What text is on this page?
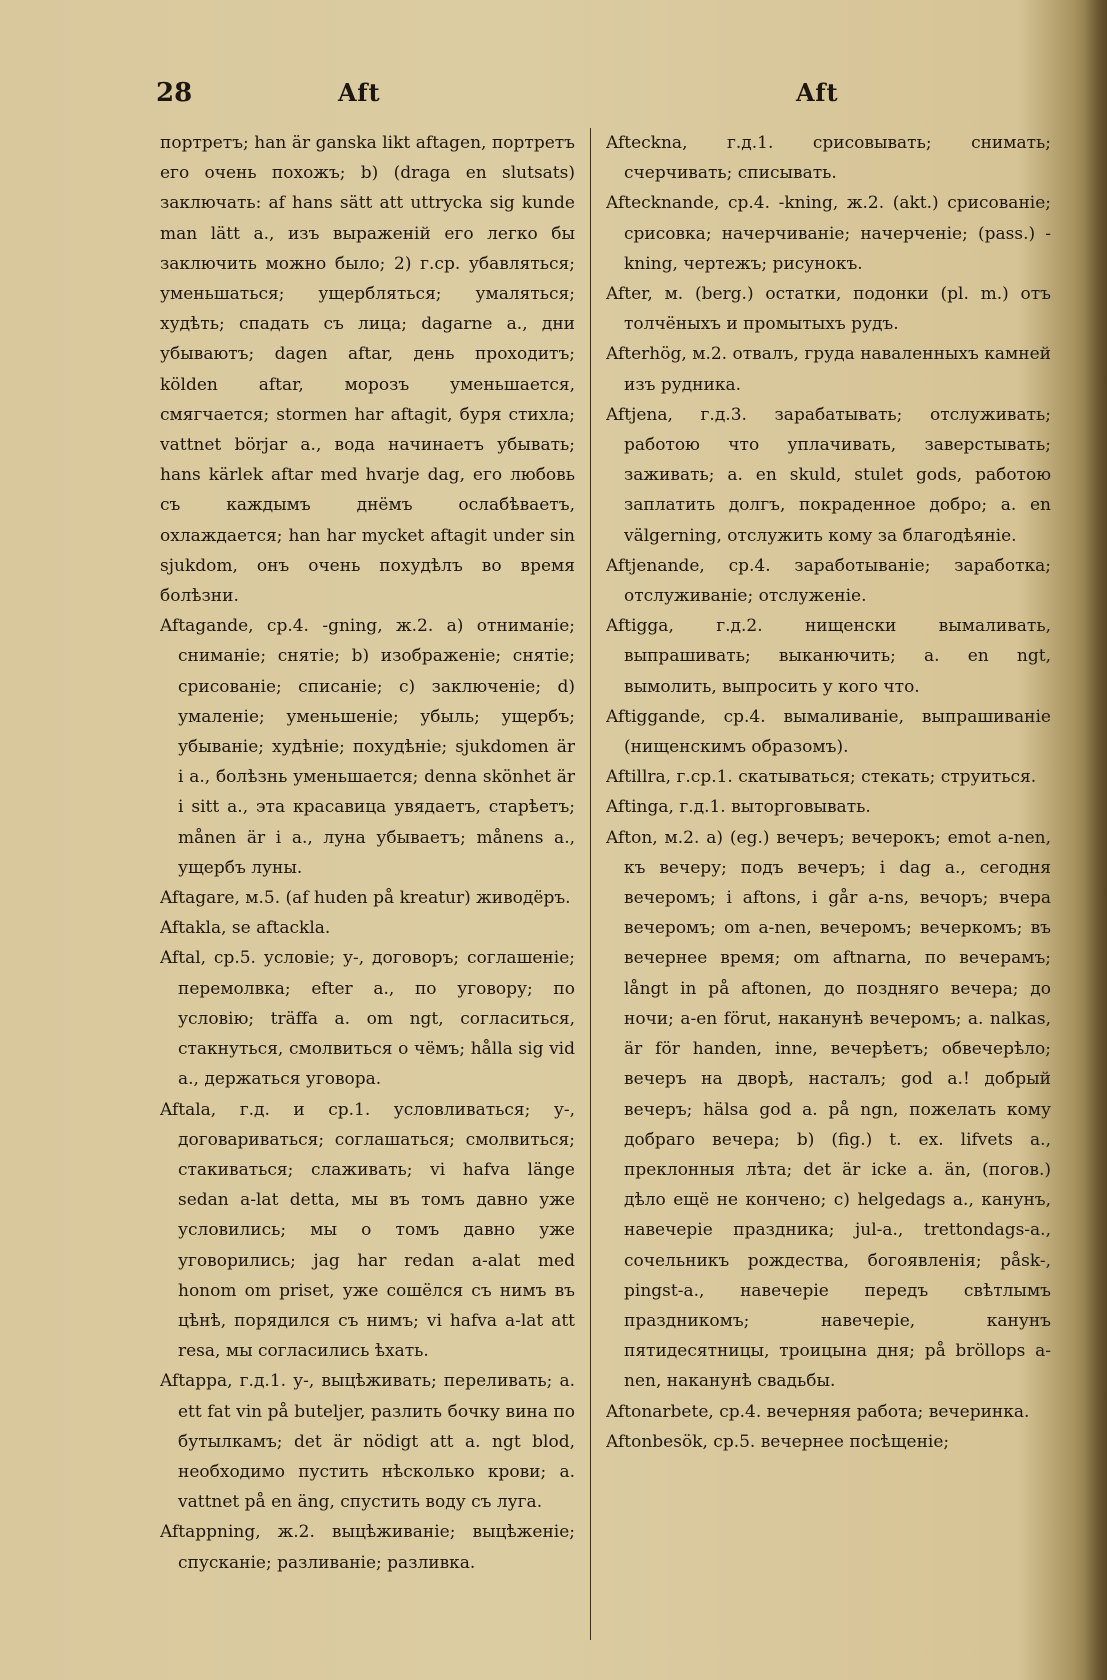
28	Aft	Aft

портретъ; han är ganska likt aftagen, портретъ его очень похожъ; b) (draga en slutsats) заключать: af hans sätt att uttrycka sig kunde man lätt a., изъ выраженій его легко бы заключить можно было; 2) г.ср. убавляться; уменьшаться; ущербляться; умаляться; худѣть; спадать съ лица; dagarne a., дни убываютъ; dagen aftar, день проходитъ; kölden aftar, морозъ уменьшается, смягчается; stormen har aftagit, буря стихла; vattnet börjar a., вода начинаетъ убывать; hans kärlek aftar med hvarje dag, его любовь съ каждымъ днёмъ ослабѣваетъ, охлаждается; han har mycket aftagit under sin sjukdom, онъ очень похудѣлъ во время болѣзни.

Aftagande, ср.4. -gning, ж.2. а) отниманіе; сниманіе; снятіе; b) изображеніе; снятіе; срисованіе; списаніе; с) заключеніе; d) умаленіе; уменьшеніе; убыль; ущербъ; убываніе; худѣніе; похудѣніе; sjukdomen är i a., болѣзнь уменьшается; denna skönhet är i sitt a., эта красавица увядаетъ, старѣетъ; månen är i a., луна убываетъ; månens a., ущербъ луны.

Aftagare, м.5. (af huden på kreatur) живодёръ.

Aftakla, se aftackla.

Aftal, ср.5. условіе; у-, договоръ; соглашеніе; перемолвка; efter a., по уговору; по условію; träffa a. om ngt, согласиться, стакнуться, смолвиться о чёмъ; hålla sig vid a., держаться уговора.

Aftala, г.д. и ср.1. условливаться; у-, договариваться; соглашаться; смолвиться; стакиваться; слаживать; vi hafva länge sedan a-lat detta, мы въ томъ давно уже условились; мы о томъ давно уже уговорились; jag har redan a-alat med honom om priset, уже сошёлся съ нимъ въ цѣнѣ, порядился съ нимъ; vi hafva a-lat att resa, мы согласились ѣхать.

Aftappa, г.д.1. у-, выцѣживать; переливать; a. ett fat vin på buteljer, разлить бочку вина по бутылкамъ; det är nödigt att a. ngt blod, необходимо пустить нѣсколько крови; a. vattnet på en äng, спустить воду съ луга.

Aftappning, ж.2. выцѣживаніе; выцѣженіе; спусканіе; разливаніе; разливка.

Afteckna, г.д.1. срисовывать; снимать; счерчивать; списывать.

Aftecknande, ср.4. -kning, ж.2. (akt.) срисованіе; срисовка; начерчиваніе; начерченіе; (pass.) -kning, чертежъ; рисунокъ.

After, м. (berg.) остатки, подонки (pl. m.) отъ толчёныхъ и промытыхъ рудъ.

Afterhög, м.2. отвалъ, груда наваленныхъ камней изъ рудника.

Aftjena, г.д.3. зарабатывать; отслуживать; работою что уплачивать, заверстывать; заживать; a. en skuld, stulet gods, работою заплатить долгъ, покраденное добро; a. en välgerning, отслужить кому за благодѣяніе.

Aftjenande, ср.4. заработываніе; заработка; отслуживаніе; отслуженіе.

Aftigga, г.д.2. нищенски вымаливать, выпрашивать; выканючить; a. en ngt, вымолить, выпросить у кого что.

Aftiggande, ср.4. вымаливаніе, выпрашиваніе (нищенскимъ образомъ).

Aftillra, г.ср.1. скатываться; стекать; струиться.

Aftinga, г.д.1. выторговывать.

Afton, м.2. а) (eg.) вечеръ; вечерокъ; emot a-nen, къ вечеру; подъ вечеръ; i dag a., сегодня вечеромъ; i aftons, i går a-ns, вечоръ; вчера вечеромъ; om a-nen, вечеромъ; вечеркомъ; въ вечернее время; om aftnarna, по вечерамъ; långt in på aftonen, до поздняго вечера; до ночи; a-en förut, наканунѣ вечеромъ; a. nalkas, är för handen, inne, вечерѣетъ; обвечерѣло; вечеръ на дворѣ, насталъ; god a.! добрый вечеръ; hälsa god a. på ngn, пожелать кому добраго вечера; b) (fig.) t. ex. lifvets a., преклонныя лѣта; det är icke a. än, (погов.) дѣло ещё не кончено; с) helgedags a., канунъ, навечеріе праздника; jul-a., trettondags-a., сочельникъ рождества, богоявленія; påsk-, pingst-a., навечеріе передъ свѣтлымъ праздникомъ; навечеріе, канунъ пятидесятницы, троицына дня; på bröllops a-nen, наканунѣ свадьбы.

Aftonarbete, ср.4. вечерняя работа; вечеринка.

Aftonbesök, ср.5. вечернее посѣщеніе;
